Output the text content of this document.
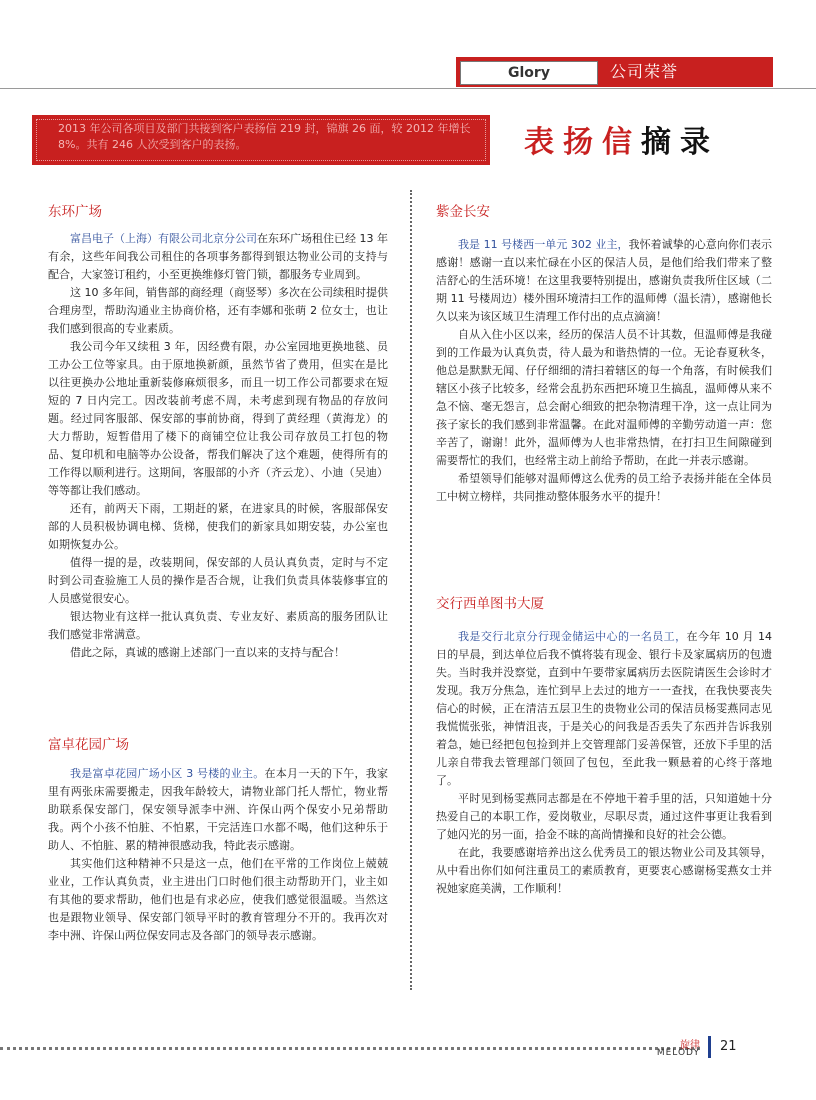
Glory	公司荣誉
2013 年公司各项目及部门共接到客户表扬信 219 封，锦旗 26 面，较 2012 年增长 8%。共有 246 人次受到客户的表扬。	表扬信摘录
东环广场

富昌电子（上海）有限公司北京分公司在东环广场租住已经 13 年有余，这些年间我公司租住的各项事务都得到银达物业公司的支持与配合，大家签订租约，小至更换维修灯管门锁，都服务专业周到。

这 10 多年间，销售部的商经理（商竖琴）多次在公司续租时提供合理房型，帮助沟通业主协商价格，还有李娜和张萌 2 位女士，也让我们感到很高的专业素质。

我公司今年又续租 3 年，因经费有限，办公室园地更换地毯、员工办公工位等家具。由于原地换新颜，虽然节省了费用，但实在是比以往更换办公地址重新装修麻烦很多，而且一切工作公司都要求在短短的 7 日内完工。因改装前考虑不周，未考虑到现有物品的存放问题。经过同客服部、保安部的事前协商，得到了黄经理（黄海龙）的大力帮助，短暂借用了楼下的商铺空位让我公司存放员工打包的物品、复印机和电脑等办公设备，帮我们解决了这个难题，使得所有的工作得以顺利进行。这期间，客服部的小齐（齐云龙）、小迪（吴迪）等等都让我们感动。

还有，前两天下雨，工期赶的紧，在进家具的时候，客服部保安部的人员积极协调电梯、货梯，使我们的新家具如期安装，办公室也如期恢复办公。

值得一提的是，改装期间，保安部的人员认真负责，定时与不定时到公司查验施工人员的操作是否合规，让我们负责具体装修事宜的人员感觉很安心。

银达物业有这样一批认真负责、专业友好、素质高的服务团队让我们感觉非常满意。

借此之际，真诚的感谢上述部门一直以来的支持与配合！

富卓花园广场

我是富卓花园广场小区 3 号楼的业主。在本月一天的下午，我家里有两张床需要搬走，因我年龄较大，请物业部门托人帮忙，物业帮助联系保安部门，保安领导派李中洲、许保山两个保安小兄弟帮助我。两个小孩不怕脏、不怕累，干完活连口水都不喝，他们这种乐于助人、不怕脏、累的精神很感动我，特此表示感谢。

其实他们这种精神不只是这一点，他们在平常的工作岗位上兢兢业业，工作认真负责，业主进出门口时他们很主动帮助开门，业主如有其他的要求帮助，他们也是有求必应，使我们感觉很温暖。当然这也是跟物业领导、保安部门领导平时的教育管理分不开的。我再次对李中洲、许保山两位保安同志及各部门的领导表示感谢。

紫金长安

我是 11 号楼西一单元 302 业主，我怀着诚挚的心意向你们表示感谢！感谢一直以来忙碌在小区的保洁人员，是他们给我们带来了整洁舒心的生活环境！在这里我要特别提出，感谢负责我所住区域（二期 11 号楼周边）楼外围环境清扫工作的温师傅（温长清），感谢他长久以来为该区域卫生清理工作付出的点点滴滴！

自从入住小区以来，经历的保洁人员不计其数，但温师傅是我碰到的工作最为认真负责，待人最为和谐热情的一位。无论春夏秋冬，他总是默默无闻、仔仔细细的清扫着辖区的每一个角落，有时候我们辖区小孩子比较多，经常会乱扔东西把环境卫生搞乱，温师傅从来不急不恼、毫无怨言，总会耐心细致的把杂物清理干净，这一点让同为孩子家长的我们感到非常温馨。在此对温师傅的辛勤劳动道一声：您辛苦了，谢谢！此外，温师傅为人也非常热情，在打扫卫生间隙碰到需要帮忙的我们，也经常主动上前给予帮助，在此一并表示感谢。

希望领导们能够对温师傅这么优秀的员工给予表扬并能在全体员工中树立榜样，共同推动整体服务水平的提升！

交行西单图书大厦

我是交行北京分行现金储运中心的一名员工，在今年 10 月 14 日的早晨，到达单位后我不慎将装有现金、银行卡及家属病历的包遗失。当时我并没察觉，直到中午要带家属病历去医院请医生会诊时才发现。我万分焦急，连忙到早上去过的地方一一查找，在我快要丧失信心的时候，正在清洁五层卫生的贵物业公司的保洁员杨雯燕同志见我慌慌张张，神情沮丧，于是关心的问我是否丢失了东西并告诉我别着急，她已经把包包捡到并上交管理部门妥善保管，还放下手里的活儿亲自带我去管理部门领回了包包，至此我一颗悬着的心终于落地了。

平时见到杨雯燕同志都是在不停地干着手里的活，只知道她十分热爱自己的本职工作，爱岗敬业，尽职尽责，通过这件事更让我看到了她闪光的另一面，拾金不昧的高尚情操和良好的社会公德。

在此，我要感谢培养出这么优秀员工的银达物业公司及其领导，从中看出你们如何注重员工的素质教育，更要衷心感谢杨雯燕女士并祝她家庭美满，工作顺利！

旋律
MELODY 21
